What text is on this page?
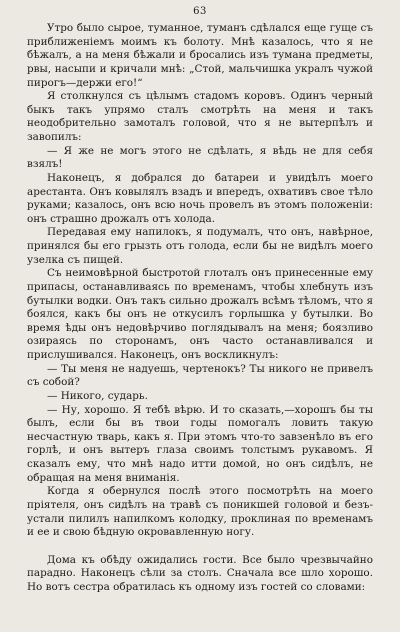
63

Утро было сырое, туманное, туманъ сдѣлался еще гуще съ приближеніемъ моимъ къ болоту. Мнѣ казалось, что я не бѣжалъ, а на меня бѣжали и бросались изъ тумана предметы, рвы, насыпи и кричали мнѣ: „Стой, мальчишка укралъ чужой пирогъ—держи его!“

Я столкнулся съ цѣлымъ стадомъ коровъ. Одинъ черный быкъ такъ упрямо сталъ смотрѣть на меня и такъ неодобрительно замоталъ головой, что я не вытерпѣлъ и завопилъ:

— Я же не могъ этого не сдѣлать, я вѣдь не для себя взялъ!

Наконецъ, я добрался до батареи и увидѣлъ моего арестанта. Онъ ковылялъ взадъ и впередъ, охвативъ свое тѣло руками; казалось, онъ всю ночь провелъ въ этомъ положеніи: онъ страшно дрожалъ отъ холода.

Передавая ему напилокъ, я подумалъ, что онъ, навѣрное, принялся бы его грызть отъ голода, если бы не видѣлъ моего узелка съ пищей.

Съ неимовѣрной быстротой глоталъ онъ принесенные ему припасы, останавливаясь по временамъ, чтобы хлебнуть изъ бутылки водки. Онъ такъ сильно дрожалъ всѣмъ тѣломъ, что я боялся, какъ бы онъ не откусилъ горлышка у бутылки. Во время ѣды онъ недовѣрчиво поглядывалъ на меня; боязливо озираясь по сторонамъ, онъ часто останавливался и прислушивался. Наконецъ, онъ воскликнулъ:

— Ты меня не надуешь, чертенокъ? Ты никого не привелъ съ собой?

— Никого, сударь.

— Ну, хорошо. Я тебѣ вѣрю. И то сказать,—хорошъ бы ты былъ, если бы въ твои годы помогалъ ловить такую несчастную тварь, какъ я. При этомъ что-то завзенѣло въ его горлѣ, и онъ вытеръ глаза своимъ толстымъ рукавомъ. Я сказалъ ему, что мнѣ надо итти домой, но онъ сидѣлъ, не обращая на меня вниманія.

Когда я обернулся послѣ этого посмотрѣть на моего пріятеля, онъ сидѣлъ на травѣ съ поникшей головой и безъ-устали пилилъ напилкомъ колодку, проклиная по временамъ и ее и свою бѣдную окровавленную ногу.

Дома къ обѣду ожидались гости. Все было чрезвычайно парадно. Наконецъ сѣли за столъ. Сначала все шло хорошо. Но вотъ сестра обратилась къ одному изъ гостей со словами:
